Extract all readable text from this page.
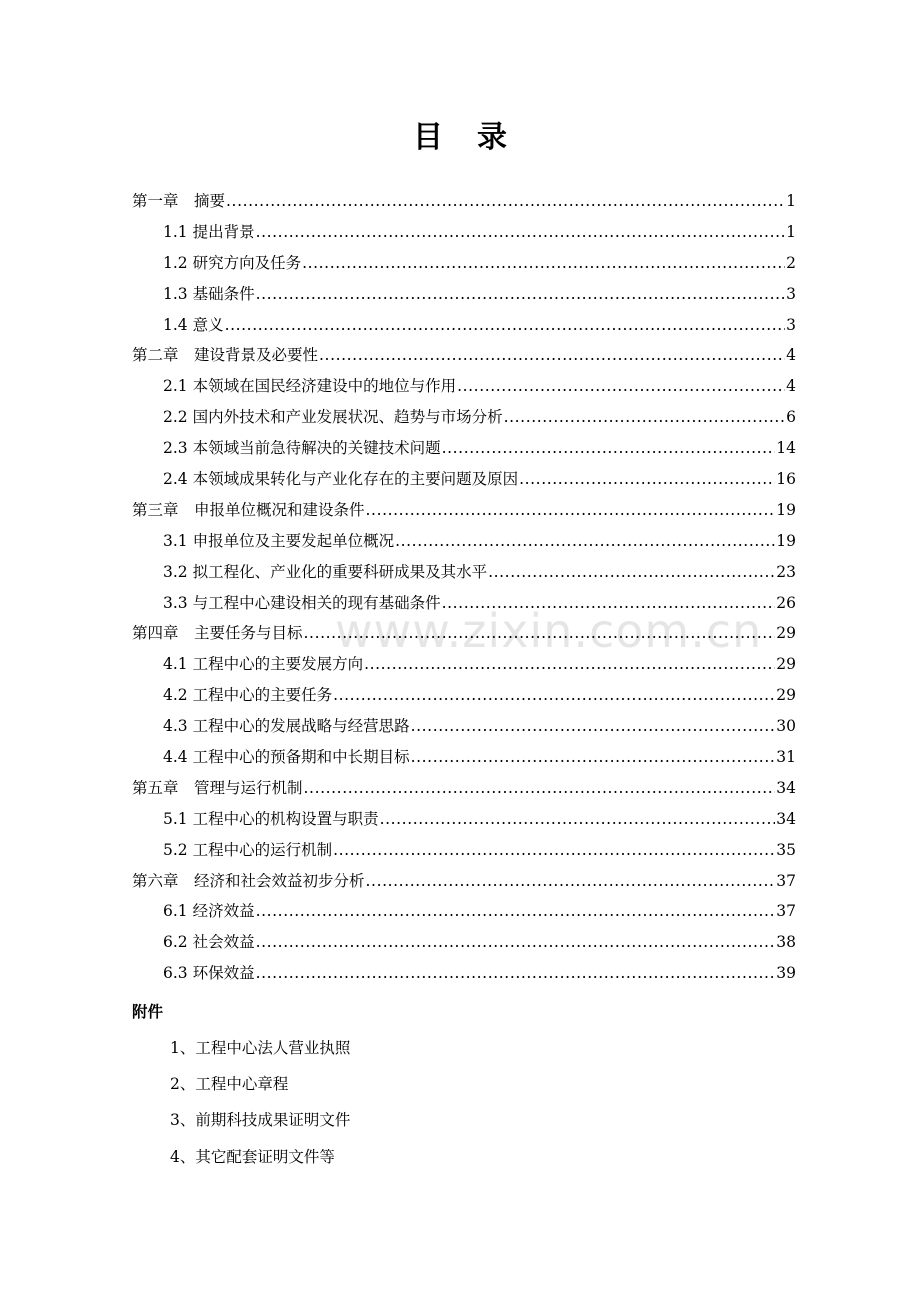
目 录
第一章　摘要 .....	1
1.1 提出背景 .....	1
1.2 研究方向及任务 .....	2
1.3 基础条件 .....	3
1.4 意义 .....	3
第二章　建设背景及必要性 .....	4
2.1 本领域在国民经济建设中的地位与作用 .....	4
2.2 国内外技术和产业发展状况、趋势与市场分析 .....	6
2.3 本领域当前急待解决的关键技术问题 .....	14
2.4 本领域成果转化与产业化存在的主要问题及原因 .....	16
第三章　申报单位概况和建设条件 .....	19
3.1 申报单位及主要发起单位概况 .....	19
3.2 拟工程化、产业化的重要科研成果及其水平 .....	23
3.3 与工程中心建设相关的现有基础条件 .....	26
第四章　主要任务与目标 .....	29
4.1 工程中心的主要发展方向 .....	29
4.2 工程中心的主要任务 .....	29
4.3 工程中心的发展战略与经营思路 .....	30
4.4 工程中心的预备期和中长期目标 .....	31
第五章　管理与运行机制 .....	34
5.1 工程中心的机构设置与职责 .....	34
5.2 工程中心的运行机制 .....	35
第六章　经济和社会效益初步分析 .....	37
6.1 经济效益 .....	37
6.2 社会效益 .....	38
6.3 环保效益 .....	39
附件
1、工程中心法人营业执照
2、工程中心章程
3、前期科技成果证明文件
4、其它配套证明文件等
www.zixin.com.cn
